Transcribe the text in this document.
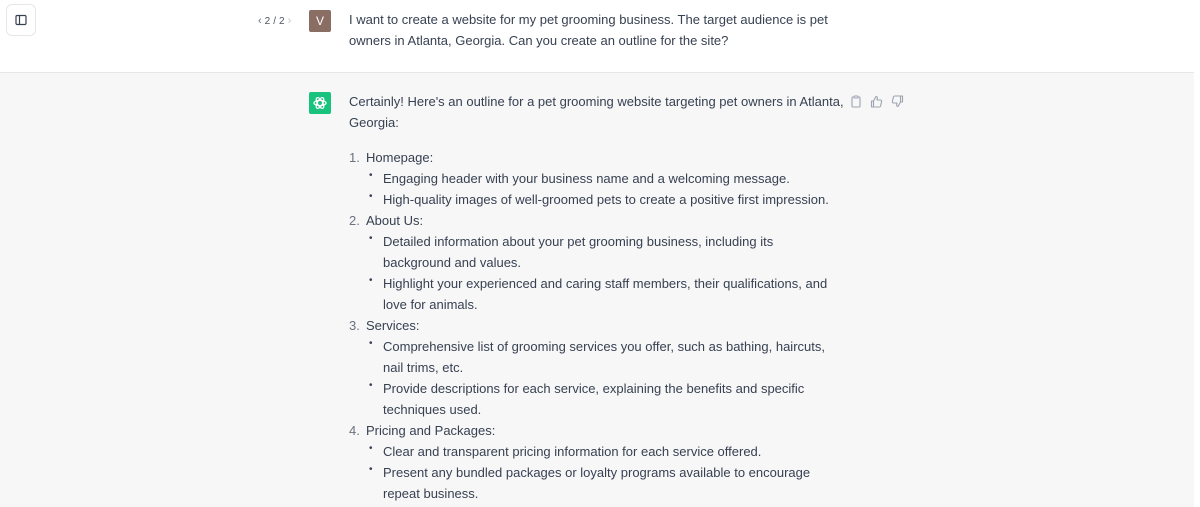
‹ 2 / 2 › V I want to create a website for my pet grooming business. The target audience is pet owners in Atlanta, Georgia. Can you create an outline for the site?

Certainly! Here's an outline for a pet grooming website targeting pet owners in Atlanta, Georgia:

1. Homepage:
• Engaging header with your business name and a welcoming message.
• High-quality images of well-groomed pets to create a positive first impression.
2. About Us:
• Detailed information about your pet grooming business, including its background and values.
• Highlight your experienced and caring staff members, their qualifications, and love for animals.
3. Services:
• Comprehensive list of grooming services you offer, such as bathing, haircuts, nail trims, etc.
• Provide descriptions for each service, explaining the benefits and specific techniques used.
4. Pricing and Packages:
• Clear and transparent pricing information for each service offered.
• Present any bundled packages or loyalty programs available to encourage repeat business.
